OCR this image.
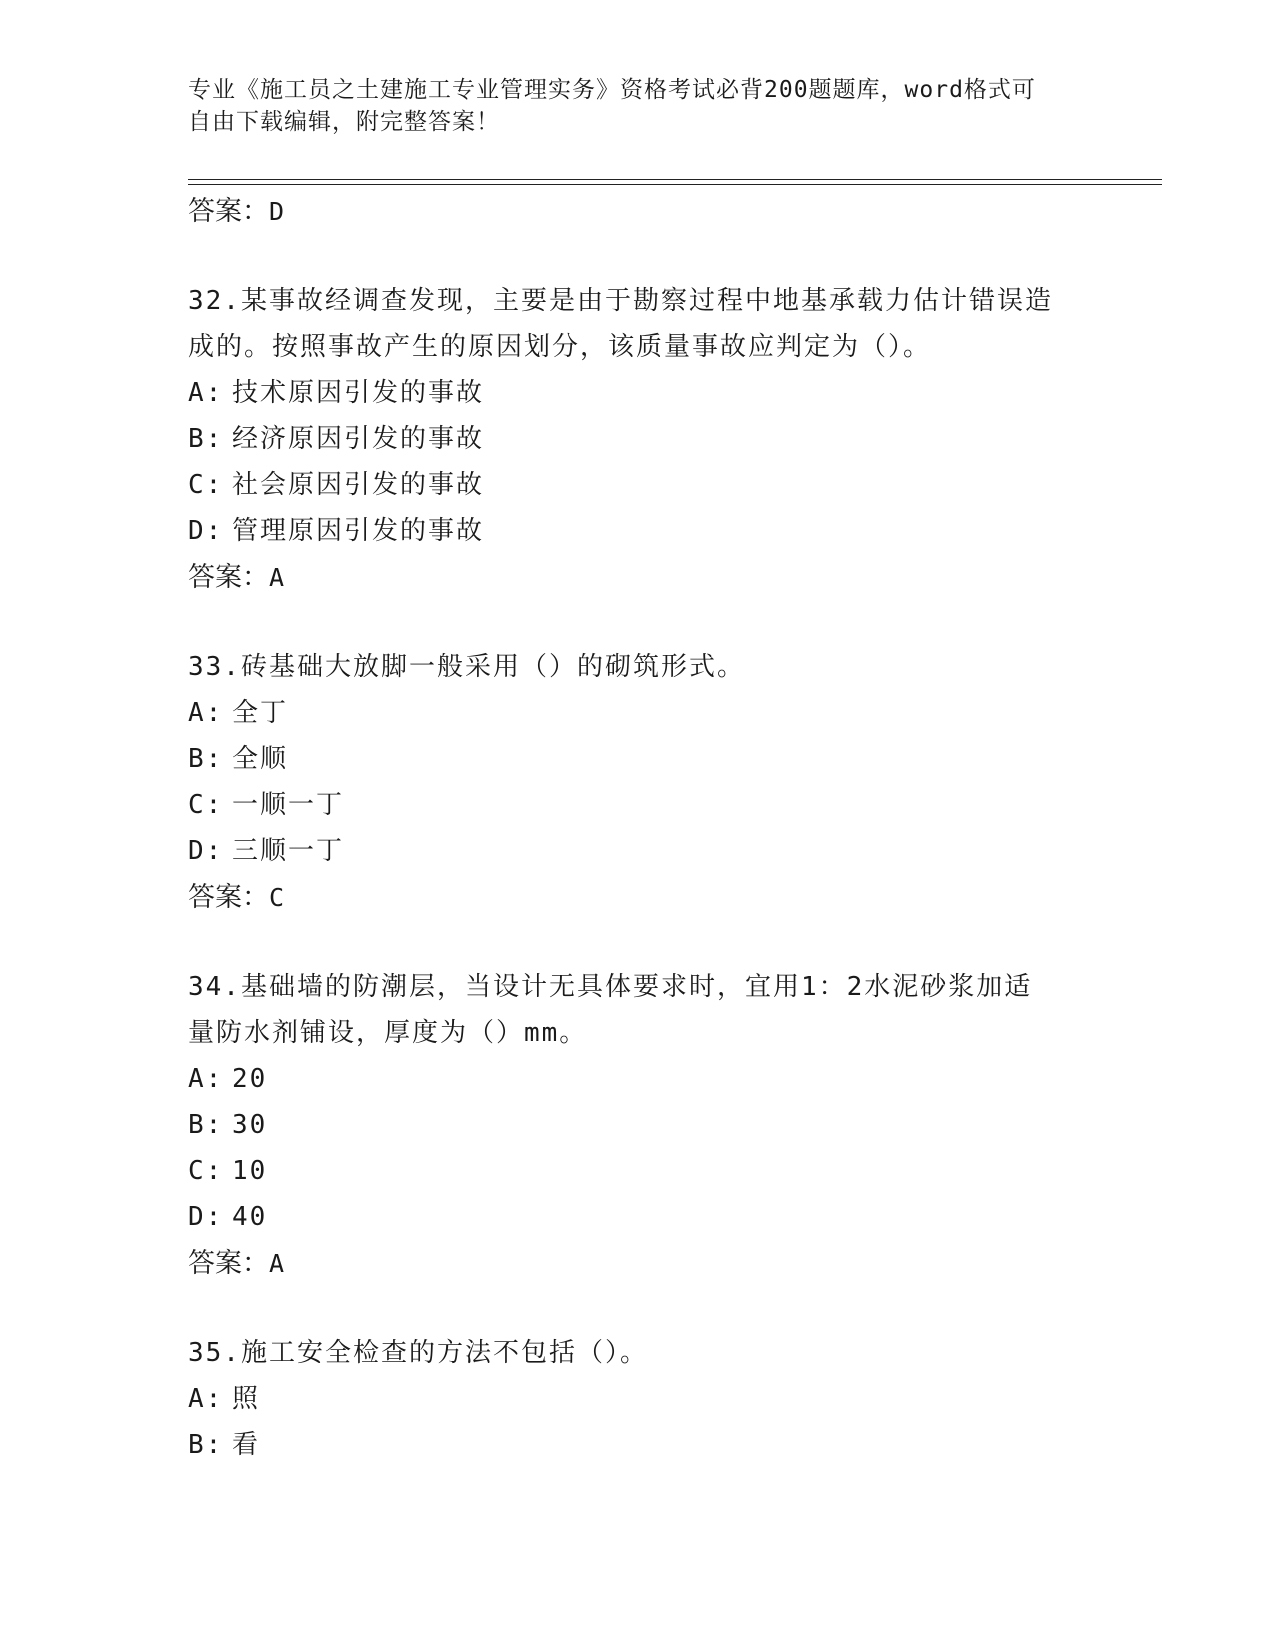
专业《施工员之土建施工专业管理实务》资格考试必背200题题库，word格式可
自由下载编辑，附完整答案！
答案：D
32.某事故经调查发现，主要是由于勘察过程中地基承载力估计错误造
成的。按照事故产生的原因划分，该质量事故应判定为（）。
A: 技术原因引发的事故
B: 经济原因引发的事故
C: 社会原因引发的事故
D: 管理原因引发的事故
答案：A
33.砖基础大放脚一般采用（）的砌筑形式。
A: 全丁
B: 全顺
C: 一顺一丁
D: 三顺一丁
答案：C
34.基础墙的防潮层，当设计无具体要求时，宜用1：2水泥砂浆加适
量防水剂铺设，厚度为（）mm。
A: 20
B: 30
C: 10
D: 40
答案：A
35.施工安全检查的方法不包括（）。
A: 照
B: 看
